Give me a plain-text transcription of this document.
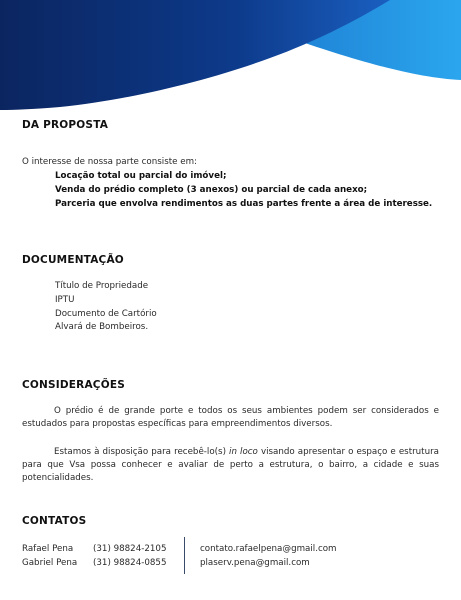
DA PROPOSTA
O interesse de nossa parte consiste em:
Locação total ou parcial do imóvel;
Venda do prédio completo (3 anexos) ou parcial de cada anexo;
Parceria que envolva rendimentos as duas partes frente a área de interesse.
DOCUMENTAÇÃO
Título de Propriedade
IPTU
Documento de Cartório
Alvará de Bombeiros.
CONSIDERAÇÕES
O prédio é de grande porte e todos os seus ambientes podem ser considerados e estudados para propostas específicas para empreendimentos diversos.
Estamos à disposição para recebê-lo(s) in loco visando apresentar o espaço e estrutura para que Vsa possa conhecer e avaliar de perto a estrutura, o bairro, a cidade e suas potencialidades.
CONTATOS
Rafael Pena (31) 98824-2105	contato.rafaelpena@gmail.com
Gabriel Pena (31) 98824-0855	plaserv.pena@gmail.com
